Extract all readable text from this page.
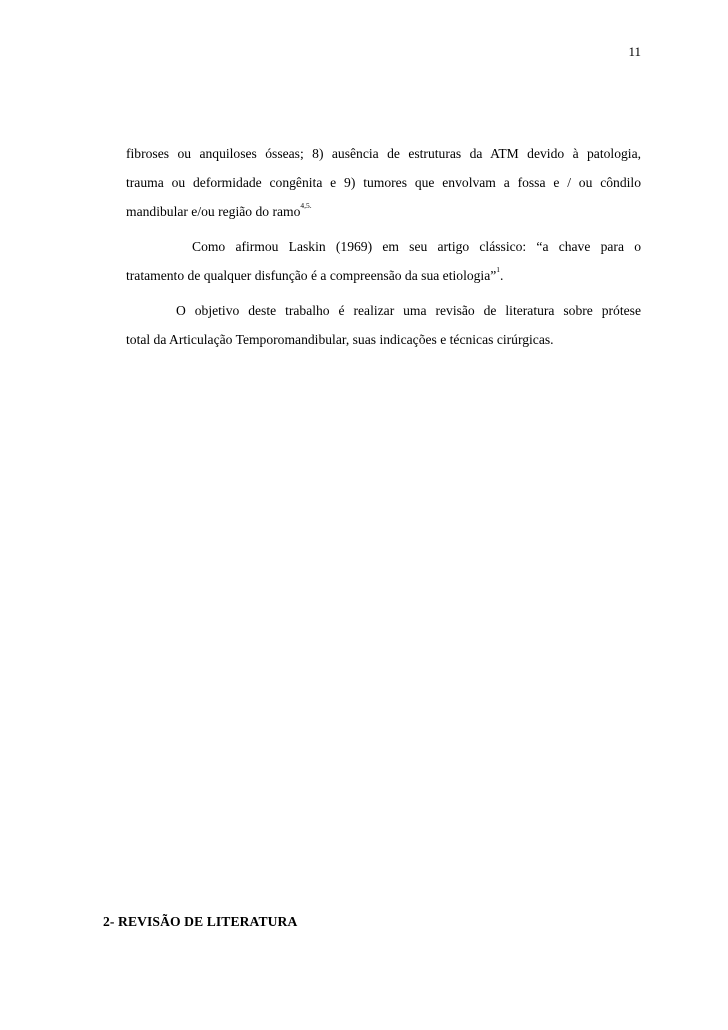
11
fibroses ou anquiloses ósseas; 8) ausência de estruturas da ATM devido à patologia,
trauma ou deformidade congênita e 9) tumores que envolvam a fossa e / ou côndilo
mandibular e/ou região do ramo$^{4,5.}$
Como afirmou Laskin (1969) em seu artigo clássico: “a chave para o
tratamento de qualquer disfunção é a compreensão da sua etiologia”$^1$.
O objetivo deste trabalho é realizar uma revisão de literatura sobre prótese
total da Articulação Temporomandibular, suas indicações e técnicas cirúrgicas.
2- REVISÃO DE LITERATURA
